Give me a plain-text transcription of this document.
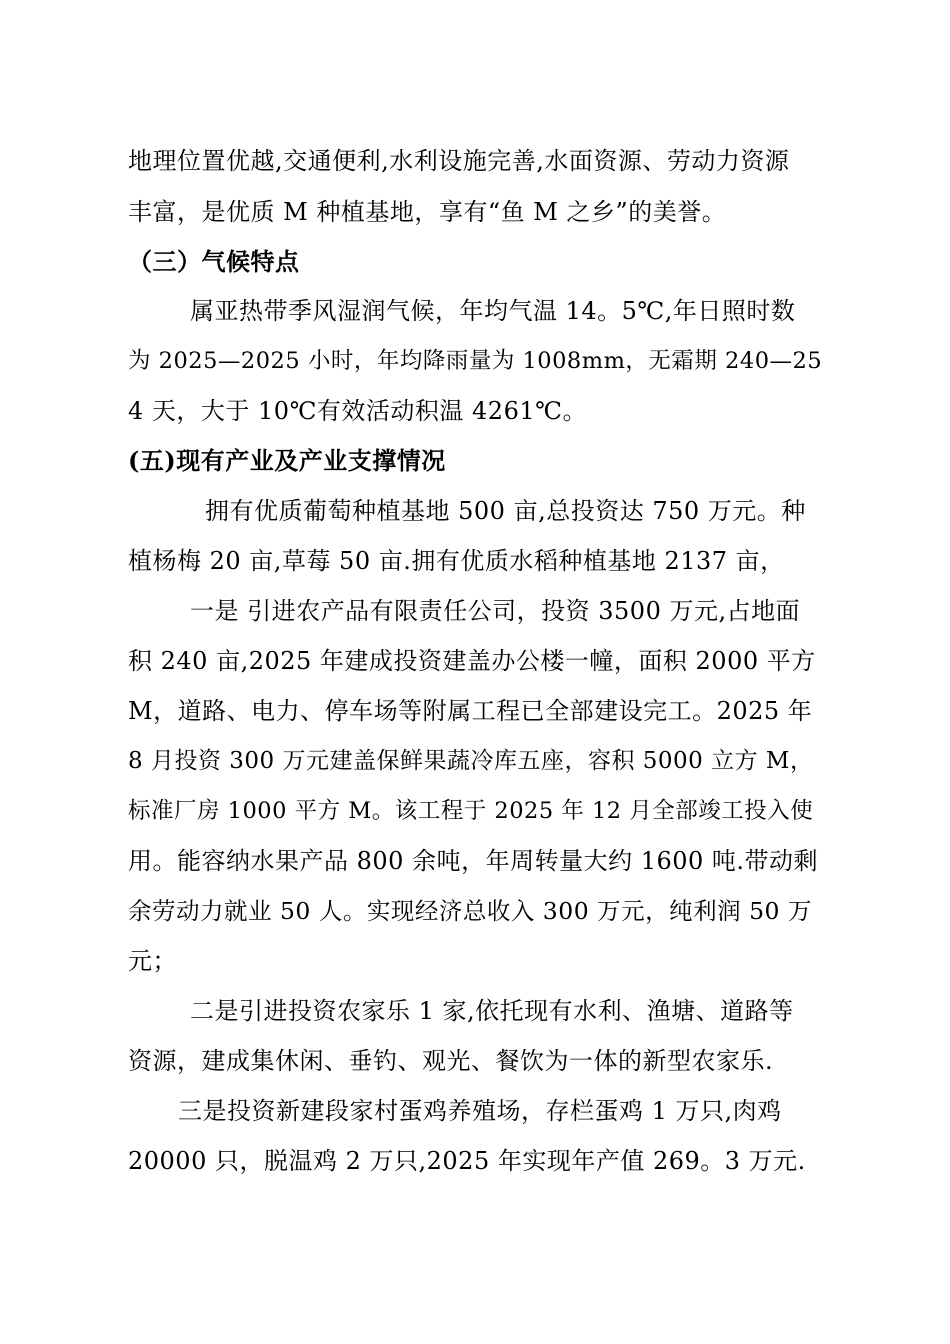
地理位置优越,交通便利,水利设施完善,水面资源、劳动力资源
丰富，是优质 M 种植基地，享有“鱼 M 之乡”的美誉。
（三）气候特点
属亚热带季风湿润气候，年均气温 14。5℃,年日照时数
为 2025—2025 小时，年均降雨量为 1008mm，无霜期 240—25
4 天，大于 10℃有效活动积温 4261℃。
(五)现有产业及产业支撑情况
拥有优质葡萄种植基地 500 亩,总投资达 750 万元。种
植杨梅 20 亩,草莓 50 亩.拥有优质水稻种植基地 2137 亩，
一是 引进农产品有限责任公司，投资 3500 万元,占地面
积 240 亩,2025 年建成投资建盖办公楼一幢，面积 2000 平方
M，道路、电力、停车场等附属工程已全部建设完工。2025 年
8 月投资 300 万元建盖保鲜果蔬冷库五座，容积 5000 立方 M，
标准厂房 1000 平方 M。该工程于 2025 年 12 月全部竣工投入使
用。能容纳水果产品 800 余吨，年周转量大约 1600 吨.带动剩
余劳动力就业 50 人。实现经济总收入 300 万元，纯利润 50 万
元；
二是引进投资农家乐 1 家,依托现有水利、渔塘、道路等
资源，建成集休闲、垂钓、观光、餐饮为一体的新型农家乐.
三是投资新建段家村蛋鸡养殖场，存栏蛋鸡 1 万只,肉鸡
20000 只，脱温鸡 2 万只,2025 年实现年产值 269。3 万元.
